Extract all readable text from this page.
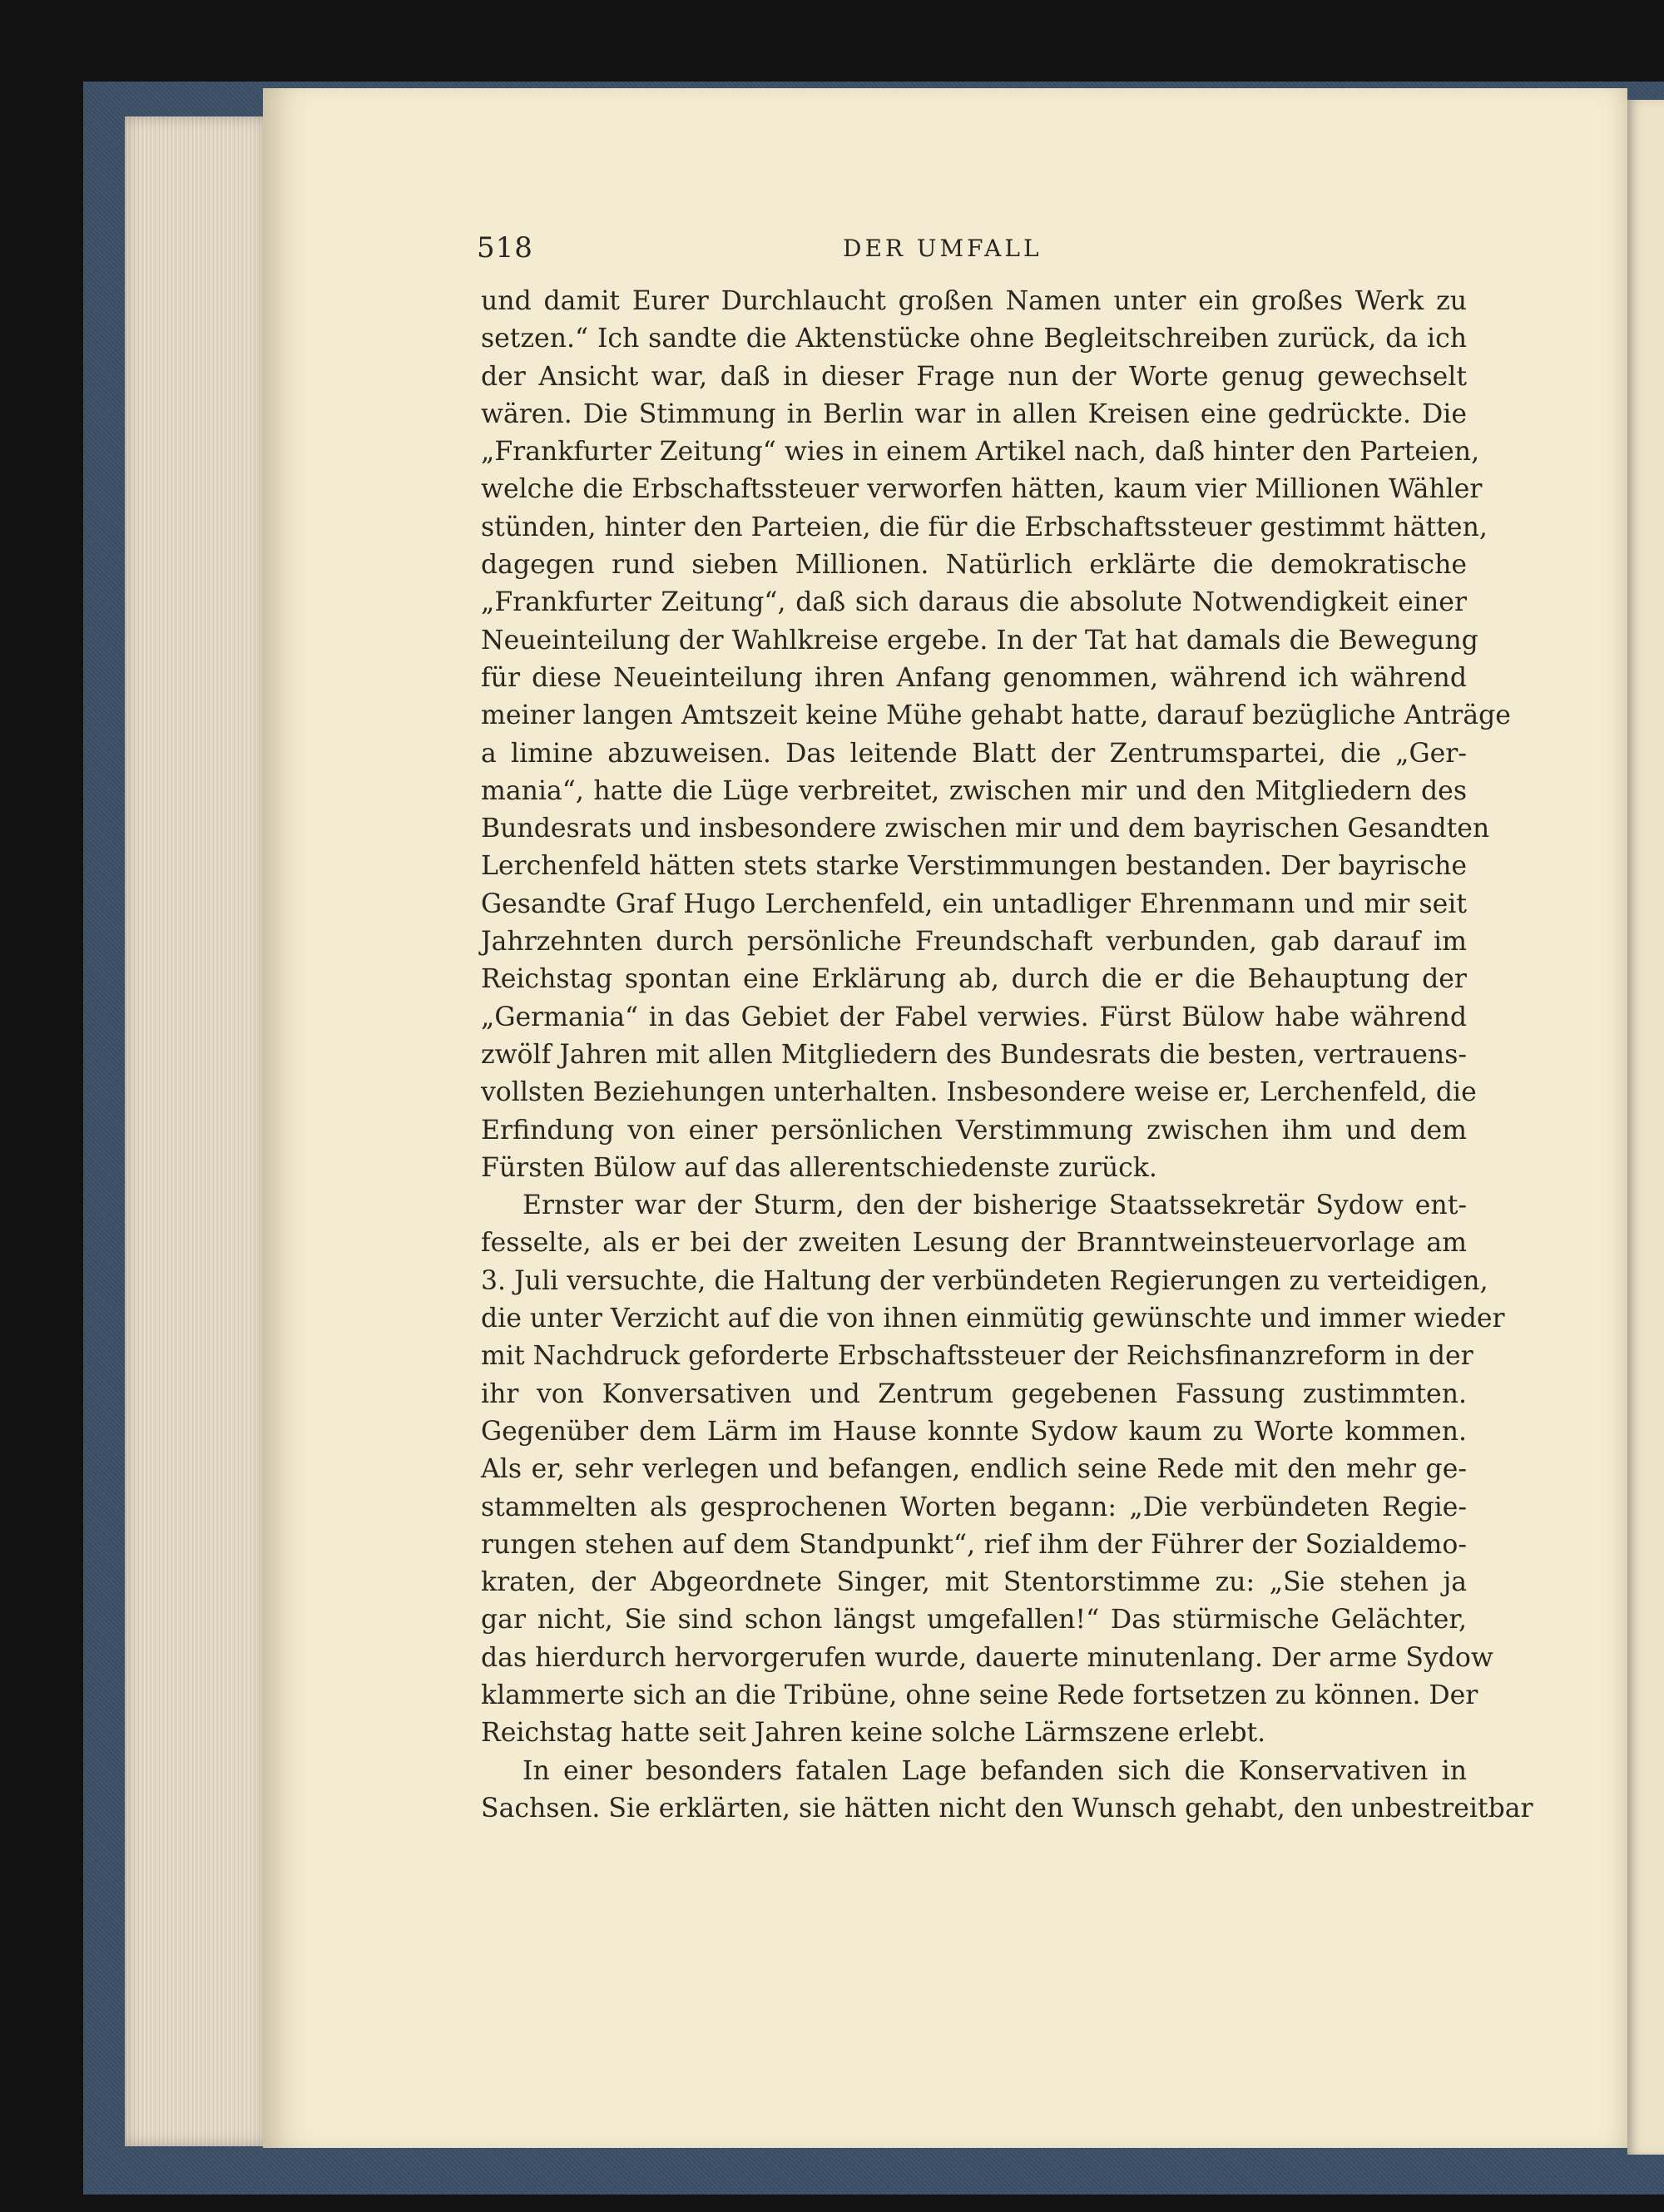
518	DER UMFALL
und damit Eurer Durchlaucht großen Namen unter ein großes Werk zu
setzen.“ Ich sandte die Aktenstücke ohne Begleitschreiben zurück, da ich
der Ansicht war, daß in dieser Frage nun der Worte genug gewechselt
wären. Die Stimmung in Berlin war in allen Kreisen eine gedrückte. Die
„Frankfurter Zeitung“ wies in einem Artikel nach, daß hinter den Parteien,
welche die Erbschaftssteuer verworfen hätten, kaum vier Millionen Wähler
stünden, hinter den Parteien, die für die Erbschaftssteuer gestimmt hätten,
dagegen rund sieben Millionen. Natürlich erklärte die demokratische
„Frankfurter Zeitung“, daß sich daraus die absolute Notwendigkeit einer
Neueinteilung der Wahlkreise ergebe. In der Tat hat damals die Bewegung
für diese Neueinteilung ihren Anfang genommen, während ich während
meiner langen Amtszeit keine Mühe gehabt hatte, darauf bezügliche Anträge
a limine abzuweisen. Das leitende Blatt der Zentrumspartei, die „Ger-
mania“, hatte die Lüge verbreitet, zwischen mir und den Mitgliedern des
Bundesrats und insbesondere zwischen mir und dem bayrischen Gesandten
Lerchenfeld hätten stets starke Verstimmungen bestanden. Der bayrische
Gesandte Graf Hugo Lerchenfeld, ein untadliger Ehrenmann und mir seit
Jahrzehnten durch persönliche Freundschaft verbunden, gab darauf im
Reichstag spontan eine Erklärung ab, durch die er die Behauptung der
„Germania“ in das Gebiet der Fabel verwies. Fürst Bülow habe während
zwölf Jahren mit allen Mitgliedern des Bundesrats die besten, vertrauens-
vollsten Beziehungen unterhalten. Insbesondere weise er, Lerchenfeld, die
Erfindung von einer persönlichen Verstimmung zwischen ihm und dem
Fürsten Bülow auf das allerentschiedenste zurück.
Ernster war der Sturm, den der bisherige Staatssekretär Sydow ent-
fesselte, als er bei der zweiten Lesung der Branntweinsteuervorlage am
3. Juli versuchte, die Haltung der verbündeten Regierungen zu verteidigen,
die unter Verzicht auf die von ihnen einmütig gewünschte und immer wieder
mit Nachdruck geforderte Erbschaftssteuer der Reichsfinanzreform in der
ihr von Konversativen und Zentrum gegebenen Fassung zustimmten.
Gegenüber dem Lärm im Hause konnte Sydow kaum zu Worte kommen.
Als er, sehr verlegen und befangen, endlich seine Rede mit den mehr ge-
stammelten als gesprochenen Worten begann: „Die verbündeten Regie-
rungen stehen auf dem Standpunkt“, rief ihm der Führer der Sozialdemo-
kraten, der Abgeordnete Singer, mit Stentorstimme zu: „Sie stehen ja
gar nicht, Sie sind schon längst umgefallen!“ Das stürmische Gelächter,
das hierdurch hervorgerufen wurde, dauerte minutenlang. Der arme Sydow
klammerte sich an die Tribüne, ohne seine Rede fortsetzen zu können. Der
Reichstag hatte seit Jahren keine solche Lärmszene erlebt.
In einer besonders fatalen Lage befanden sich die Konservativen in
Sachsen. Sie erklärten, sie hätten nicht den Wunsch gehabt, den unbestreitbar
